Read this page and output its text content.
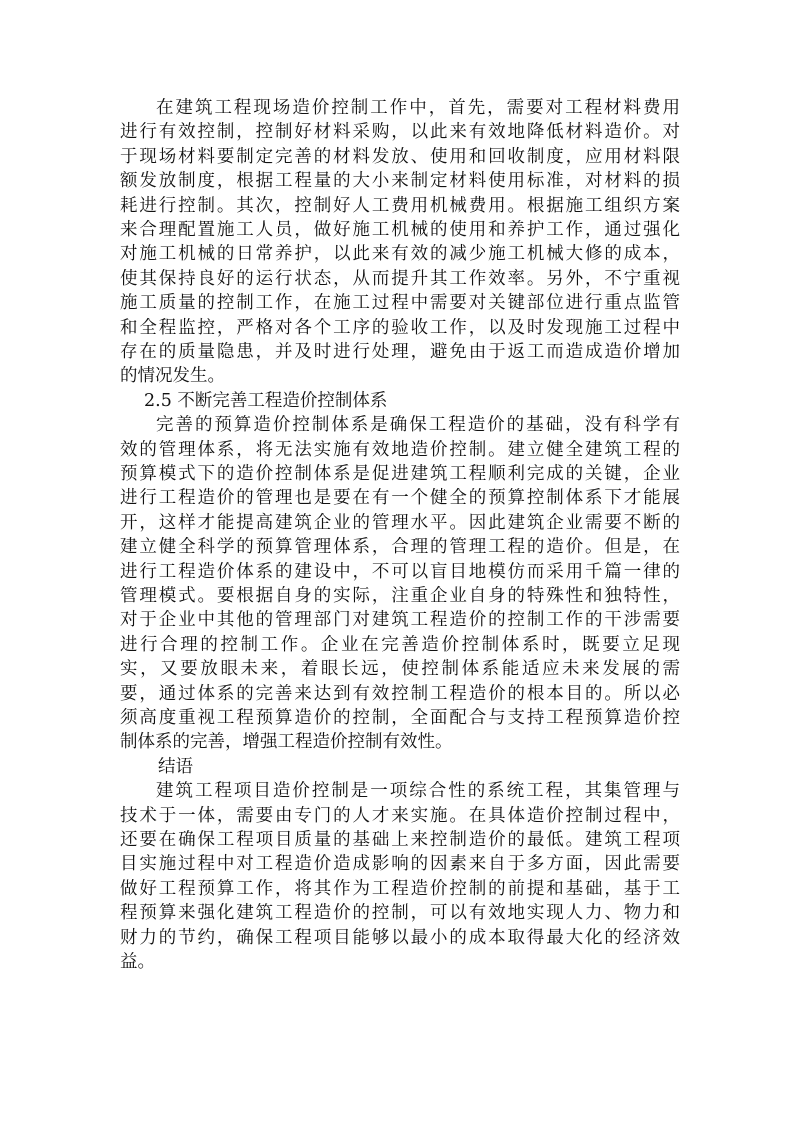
在建筑工程现场造价控制工作中，首先，需要对工程材料费用
进行有效控制，控制好材料采购，以此来有效地降低材料造价。对
于现场材料要制定完善的材料发放、使用和回收制度，应用材料限
额发放制度，根据工程量的大小来制定材料使用标准，对材料的损
耗进行控制。其次，控制好人工费用机械费用。根据施工组织方案
来合理配置施工人员，做好施工机械的使用和养护工作，通过强化
对施工机械的日常养护，以此来有效的减少施工机械大修的成本，
使其保持良好的运行状态，从而提升其工作效率。另外，不宁重视
施工质量的控制工作，在施工过程中需要对关键部位进行重点监管
和全程监控，严格对各个工序的验收工作，以及时发现施工过程中
存在的质量隐患，并及时进行处理，避免由于返工而造成造价增加
的情况发生。
2.5 不断完善工程造价控制体系
完善的预算造价控制体系是确保工程造价的基础，没有科学有
效的管理体系，将无法实施有效地造价控制。建立健全建筑工程的
预算模式下的造价控制体系是促进建筑工程顺利完成的关键，企业
进行工程造价的管理也是要在有一个健全的预算控制体系下才能展
开，这样才能提高建筑企业的管理水平。因此建筑企业需要不断的
建立健全科学的预算管理体系，合理的管理工程的造价。但是，在
进行工程造价体系的建设中，不可以盲目地模仿而采用千篇一律的
管理模式。要根据自身的实际，注重企业自身的特殊性和独特性，
对于企业中其他的管理部门对建筑工程造价的控制工作的干涉需要
进行合理的控制工作。企业在完善造价控制体系时，既要立足现
实，又要放眼未来，着眼长远，使控制体系能适应未来发展的需
要，通过体系的完善来达到有效控制工程造价的根本目的。所以必
须高度重视工程预算造价的控制，全面配合与支持工程预算造价控
制体系的完善，增强工程造价控制有效性。
结语
建筑工程项目造价控制是一项综合性的系统工程，其集管理与
技术于一体，需要由专门的人才来实施。在具体造价控制过程中，
还要在确保工程项目质量的基础上来控制造价的最低。建筑工程项
目实施过程中对工程造价造成影响的因素来自于多方面，因此需要
做好工程预算工作，将其作为工程造价控制的前提和基础，基于工
程预算来强化建筑工程造价的控制，可以有效地实现人力、物力和
财力的节约，确保工程项目能够以最小的成本取得最大化的经济效
益。
